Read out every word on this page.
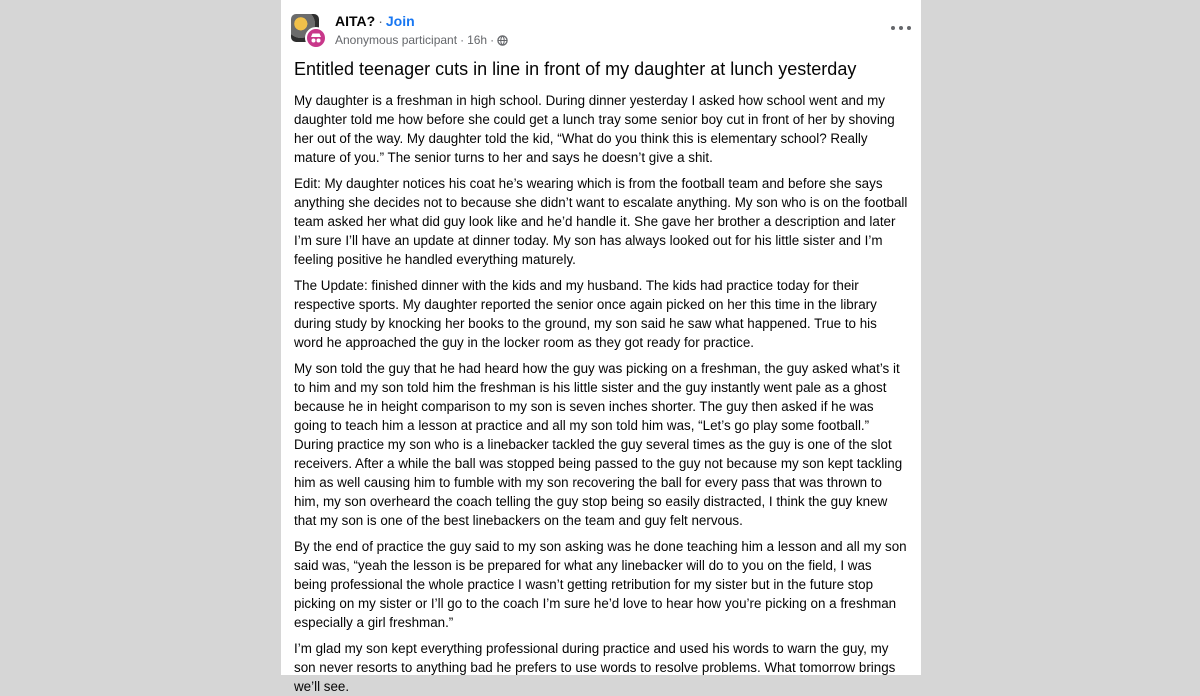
AITA? · Join
Anonymous participant · 16h ·
Entitled teenager cuts in line in front of my daughter at lunch yesterday

My daughter is a freshman in high school. During dinner yesterday I asked how school went and my daughter told me how before she could get a lunch tray some senior boy cut in front of her by shoving her out of the way. My daughter told the kid, “What do you think this is elementary school? Really mature of you.” The senior turns to her and says he doesn’t give a shit.

Edit: My daughter notices his coat he’s wearing which is from the football team and before she says anything she decides not to because she didn’t want to escalate anything. My son who is on the football team asked her what did guy look like and he’d handle it. She gave her brother a description and later I’m sure I’ll have an update at dinner today. My son has always looked out for his little sister and I’m feeling positive he handled everything maturely.

The Update: finished dinner with the kids and my husband. The kids had practice today for their respective sports. My daughter reported the senior once again picked on her this time in the library during study by knocking her books to the ground, my son said he saw what happened. True to his word he approached the guy in the locker room as they got ready for practice.

My son told the guy that he had heard how the guy was picking on a freshman, the guy asked what’s it to him and my son told him the freshman is his little sister and the guy instantly went pale as a ghost because he in height comparison to my son is seven inches shorter. The guy then asked if he was going to teach him a lesson at practice and all my son told him was, “Let’s go play some football.” During practice my son who is a linebacker tackled the guy several times as the guy is one of the slot receivers. After a while the ball was stopped being passed to the guy not because my son kept tackling him as well causing him to fumble with my son recovering the ball for every pass that was thrown to him, my son overheard the coach telling the guy stop being so easily distracted, I think the guy knew that my son is one of the best linebackers on the team and guy felt nervous.

By the end of practice the guy said to my son asking was he done teaching him a lesson and all my son said was, “yeah the lesson is be prepared for what any linebacker will do to you on the field, I was being professional the whole practice I wasn’t getting retribution for my sister but in the future stop picking on my sister or I’ll go to the coach I’m sure he’d love to hear how you’re picking on a freshman especially a girl freshman.”

I’m glad my son kept everything professional during practice and used his words to warn the guy, my son never resorts to anything bad he prefers to use words to resolve problems. What tomorrow brings we’ll see.
